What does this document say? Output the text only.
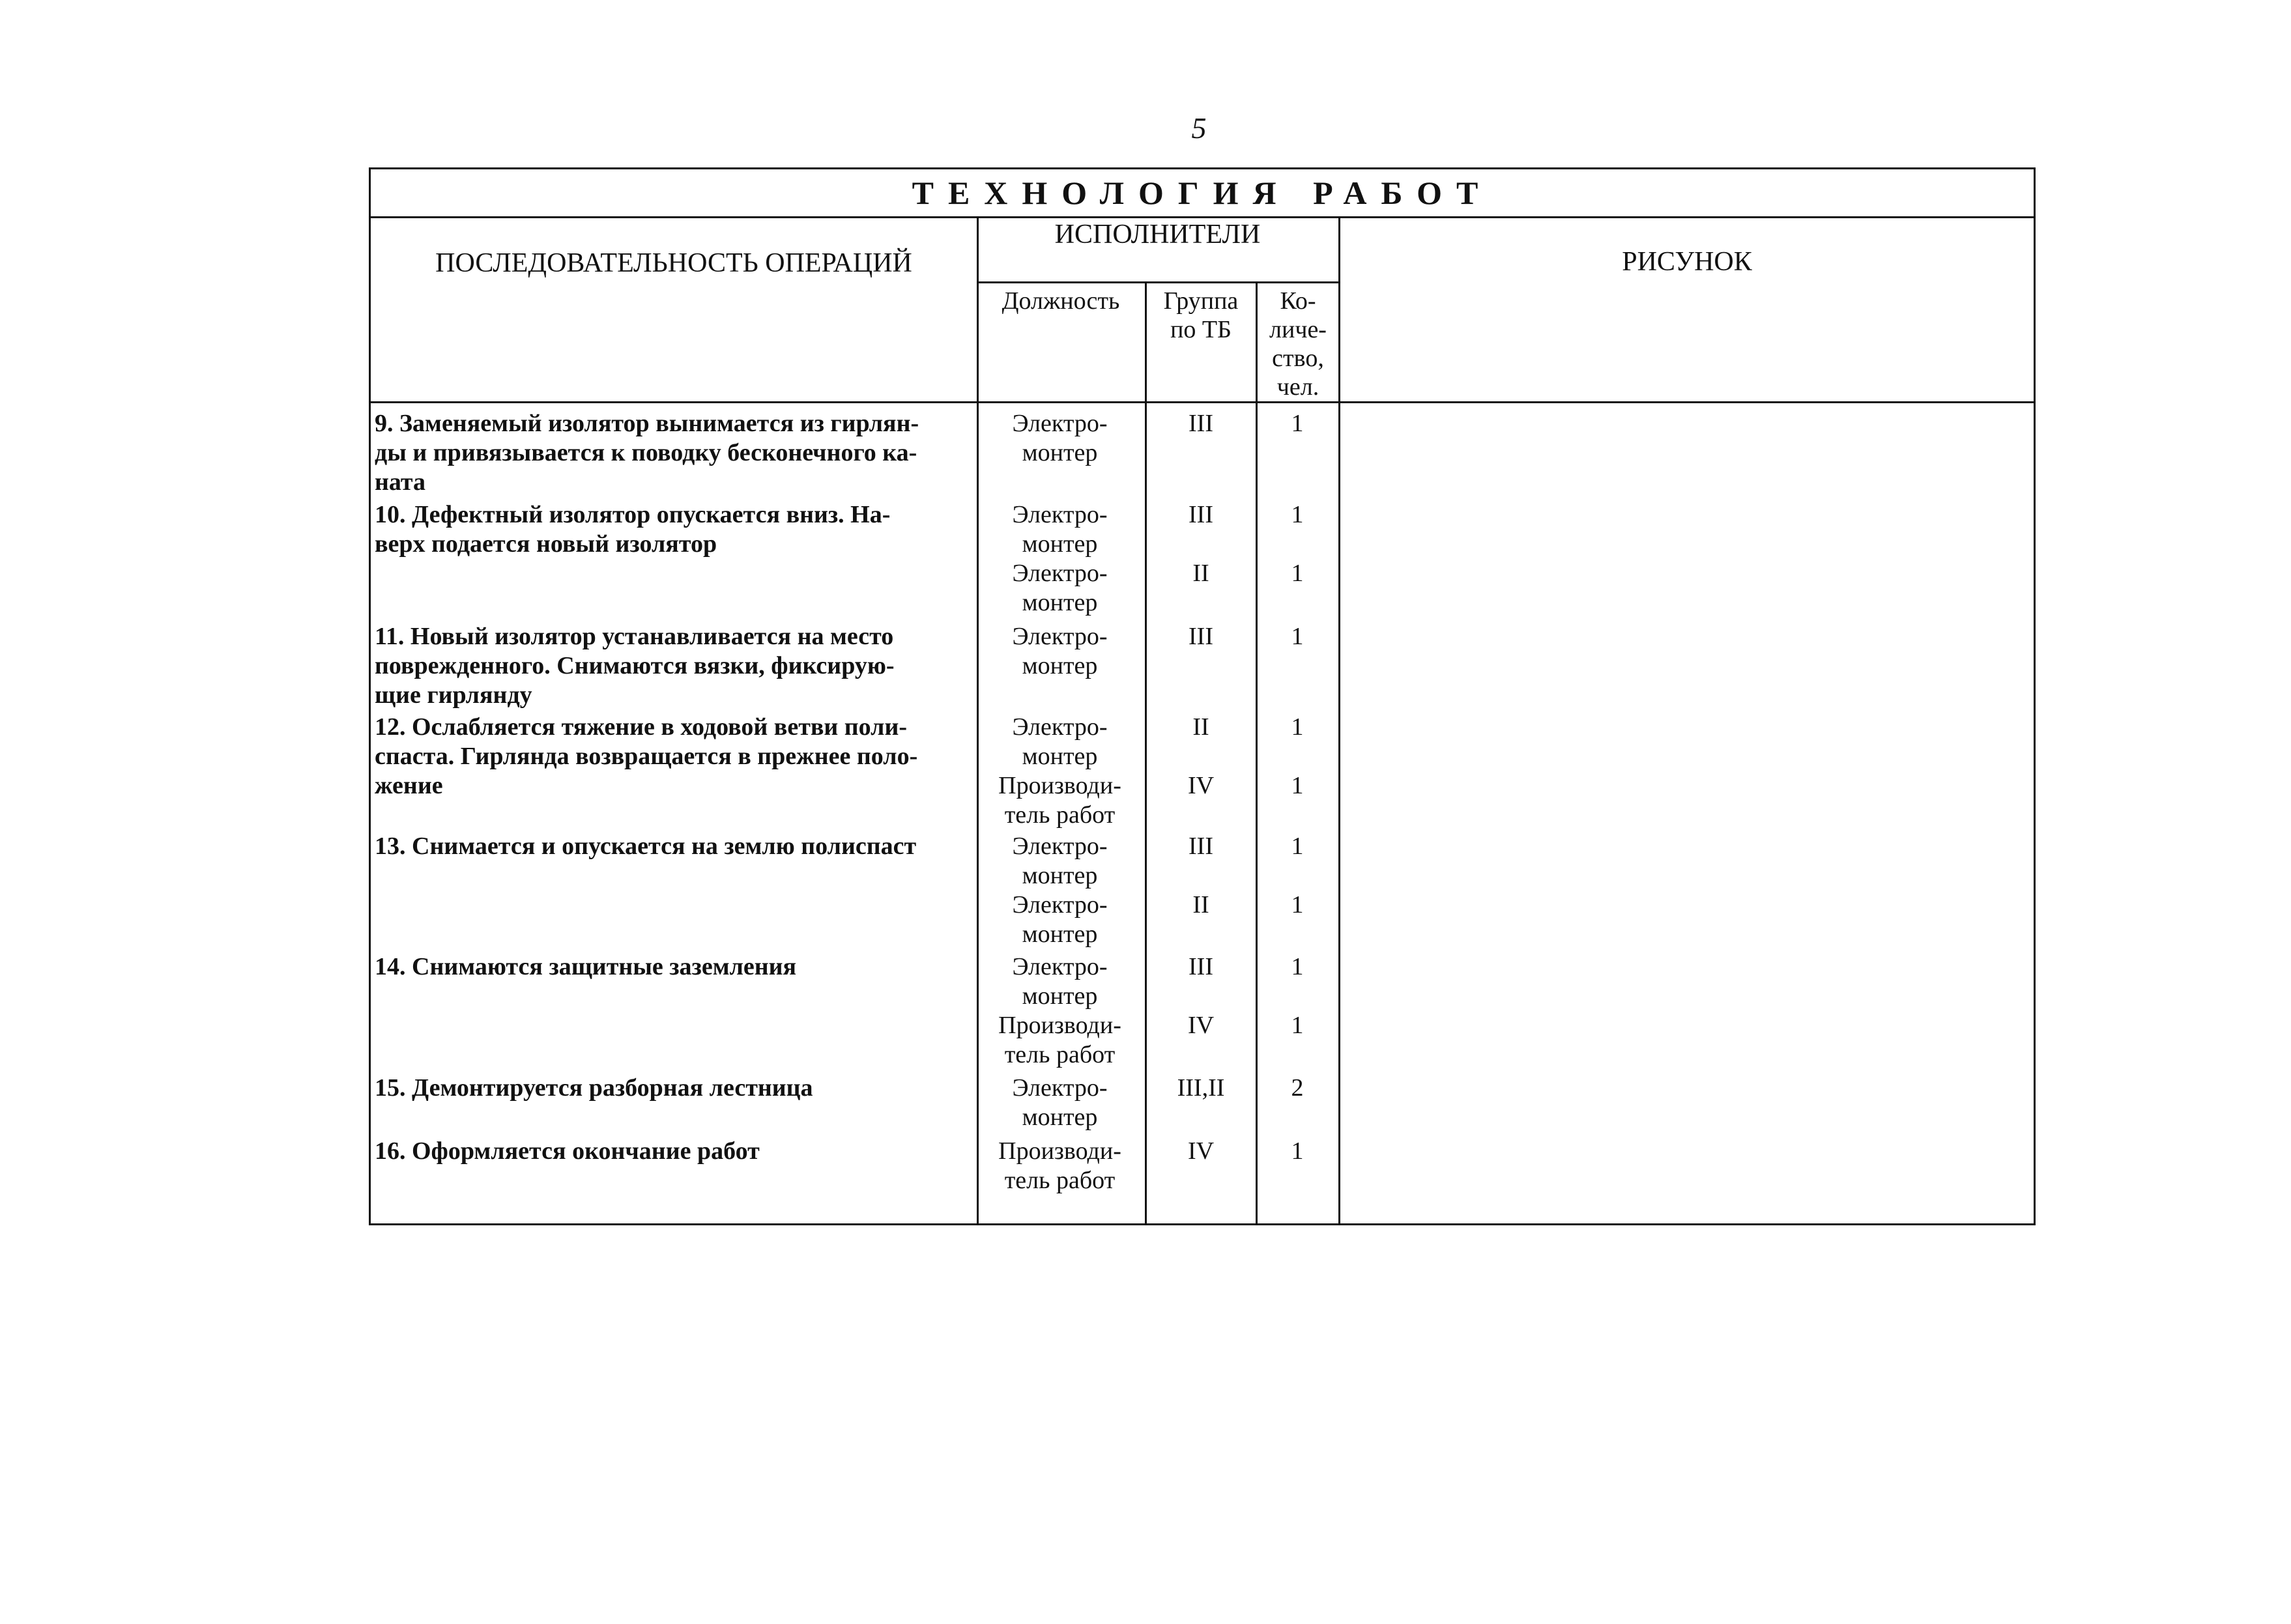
5
ТЕХНОЛОГИЯ РАБОТ
ПОСЛЕДОВАТЕЛЬНОСТЬ ОПЕРАЦИЙ
ИСПОЛНИТЕЛИ
РИСУНОК
Должность	Группа
по ТБ
Ко-
личе-
ство,
чел.
9. Заменяемый изолятор вынимается из гирлян-
ды и привязывается к поводку бесконечного ка-
ната
10. Дефектный изолятор опускается вниз. На-
верх подается новый изолятор
11. Новый изолятор устанавливается на место
поврежденного. Снимаются вязки, фиксирую-
щие гирлянду
12. Ослабляется тяжение в ходовой ветви поли-
спаста. Гирлянда возвращается в прежнее поло-
жение
13. Снимается и опускается на землю полиспаст
14. Снимаются защитные заземления
15. Демонтируется разборная лестница
16. Оформляется окончание работ
Электро-
монтер
Электро-
монтер
Электро-
монтер
Электро-
монтер
Электро-
монтер
Производи-
тель работ
Электро-
монтер
Электро-
монтер
Электро-
монтер
Производи-
тель работ
Электро-
монтер
Производи-
тель работ
III
III
II
III
II
IV
III
II
III
IV
III,II
IV
1
1
1
1
1
1
1
1
1
1
2
1
